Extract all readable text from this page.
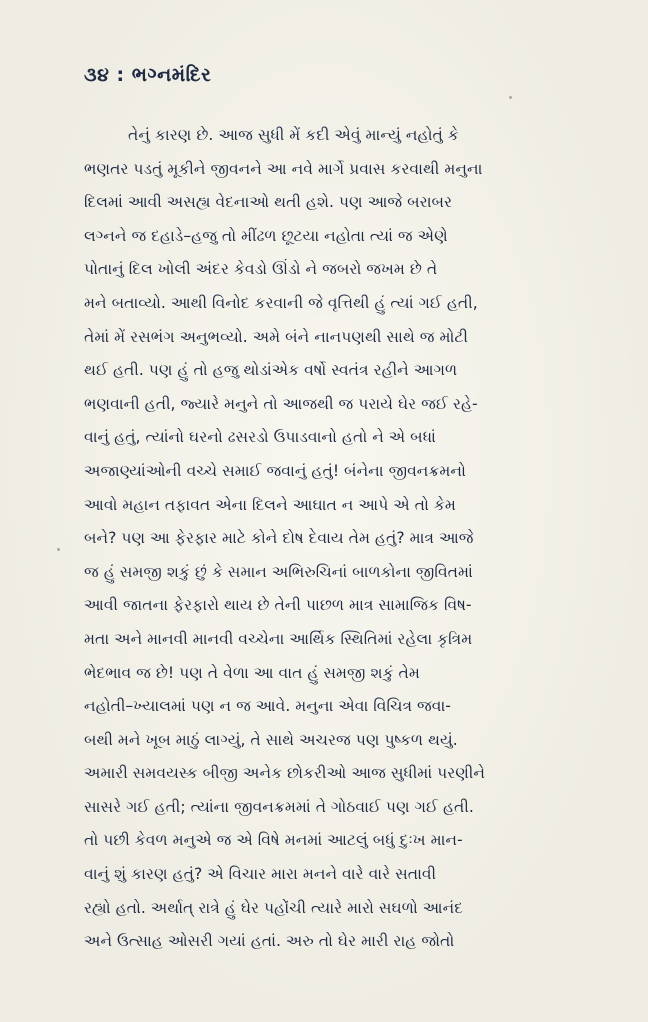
૩૪ : ભગ્નમંદિર
તેનું કારણ છે. આજ સુધી મેં કદી એવું માન્યું નહોતું કે
ભણતર પડતું મૂકીને જીવનને આ નવે માર્ગે પ્રવાસ કરવાથી મનુના
દિલમાં આવી અસહ્ય વેદનાઓ થતી હશે. પણ આજે બરાબર
લગ્નને જ દહાડે–હજુ તો મીંઢળ છૂટયા નહોતા ત્યાં જ એણે
પોતાનું દિલ ખોલી અંદર કેવડો ઊંડો ને જબરો જખમ છે તે
મને બતાવ્યો. આથી વિનોદ કરવાની જે વૃત્તિથી હું ત્યાં ગઈ હતી,
તેમાં મેં રસભંગ અનુભવ્યો. અમે બંને નાનપણથી સાથે જ મોટી
થઈ હતી. પણ હું તો હજુ થોડાંએક વર્ષો સ્વતંત્ર રહીને આગળ
ભણવાની હતી, જ્યારે મનુને તો આજથી જ પરાયે ઘેર જઈ રહે-
વાનું હતું, ત્યાંનો ઘરનો ઢસરડો ઉપાડવાનો હતો ને એ બધાં
અજાણ્યાંઓની વચ્ચે સમાઈ જવાનું હતું! બંનેના જીવનક્રમનો
આવો મહાન તફાવત એના દિલને આઘાત ન આપે એ તો કેમ
બને? પણ આ ફેરફાર માટે કોને દોષ દેવાય તેમ હતું? માત્ર આજે
જ હું સમજી શકું છું કે સમાન અભિરુચિનાં બાળકોના જીવિતમાં
આવી જાતના ફેરફારો થાય છે તેની પાછળ માત્ર સામાજિક વિષ-
મતા અને માનવી માનવી વચ્ચેના આર્થિક સ્થિતિમાં રહેલા કૃત્રિમ
ભેદભાવ જ છે! પણ તે વેળા આ વાત હું સમજી શકું તેમ
નહોતી–ખ્યાલમાં પણ ન જ આવે. મનુના એવા વિચિત્ર જવા-
બથી મને ખૂબ માઠું લાગ્યું, તે સાથે અચરજ પણ પુષ્કળ થયું.
અમારી સમવયસ્ક બીજી અનેક છોકરીઓ આજ સુધીમાં પરણીને
સાસરે ગઈ હતી; ત્યાંના જીવનક્રમમાં તે ગોઠવાઈ પણ ગઈ હતી.
તો પછી કેવળ મનુએ જ એ વિષે મનમાં આટલું બધું દુઃખ માન-
વાનું શું કારણ હતું? એ વિચાર મારા મનને વારે વારે સતાવી
રહ્યો હતો. અર્થાત્ રાત્રે હું ઘેર પહોંચી ત્યારે મારો સઘળો આનંદ
અને ઉત્સાહ ઓસરી ગયાં હતાં. અરુ તો ઘેર મારી રાહ જોતો
